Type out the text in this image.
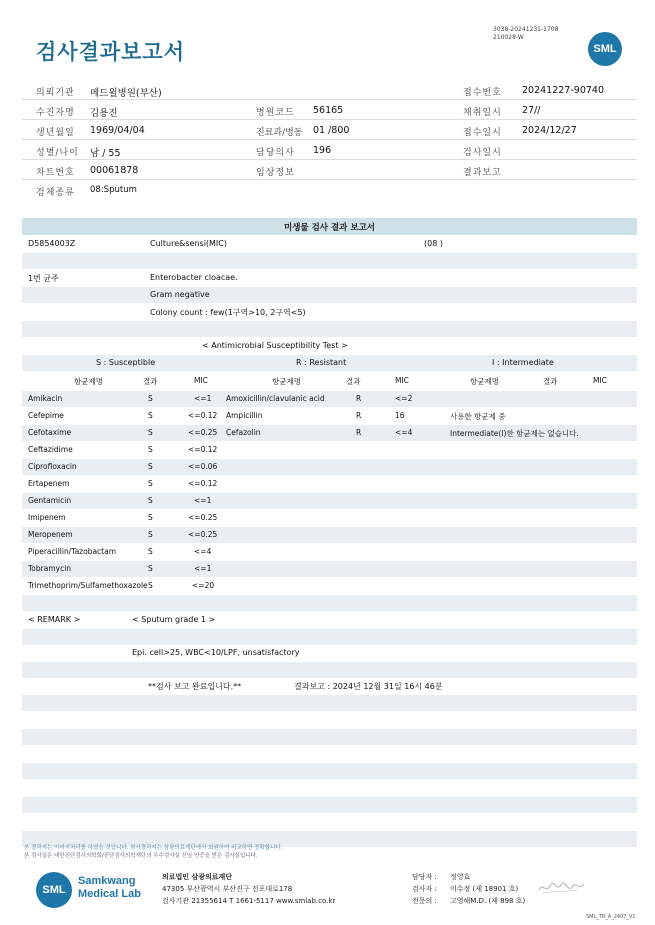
검사결과보고서
3038-20241231-1708
210028-W
SML
의뢰기관 메드윌병원(부산)	접수번호 20241227-90740
수진자명 김용진	병원코드 56165	채취일시 27//
생년월일 1969/04/04	진료과/병동 01 /800	접수일시 2024/12/27
성별/나이 남 / 55	담당의사 196	검사일시
차트번호 00061878	임상정보	결과보고
검체종류 08:Sputum
미생물 검사 결과 보고서
D5854003Z	Culture&sensi(MIC)	(08 )
1번 균주	Enterobacter cloacae.
Gram negative
Colony count : few(1구역>10, 2구역<5)
< Antimicrobial Susceptibility Test >
S : Susceptible	R : Resistant	I : Intermediate
항균제명	결과	MIC	항균제명	결과	MIC	항균제명	결과	MIC
Amikacin	S	<=1 Amoxicillin/clavulanic acid	R	<=2
Cefepime	S	<=0.12 Ampicillin	R	16	사용한 항균제 중
Cefotaxime	S	<=0.25 Cefazolin	R	<=4	Intermediate(I)한 항균제는 없습니다.
Ceftazidime	S	<=0.12
Ciprofloxacin	S	<=0.06
Ertapenem	S	<=0.12
Gentamicin	S	<=1
Imipenem	S	<=0.25
Meropenem	S	<=0.25
Piperacillin/Tazobactam	S	<=4
Tobramycin	S	<=1
Trimethoprim/Sulfamethoxazole S	<=20
< REMARK >	< Sputum grade 1 >
Epi. cell>25, WBC<10/LPF, unsatisfactory
**검사 보고 완료입니다.**	결과보고 : 2024년 12월 31일 16시 46분
본 결과지는 이미지처리를 하였을 것입니다. 참사결과지는 삼광의료재단에서 회원하여 비교하면 정확합니다.
본 검사실은 대한진단검사의학회/진단검사의학재단의 우수검사실 신임 인증을 받은 검사실입니다.
SML
Samkwang
Medical Lab
의료법인 삼광의료재단
47305 부산광역시 부산진구 전포대로178
검사기관 21355614 T 1661-5117 www.smlab.co.kr
담당자 : 정영효
검사자 : 이수정 (제 18901 호)
전문의 : 고영해M.D. (제 898 호)
SML_TR_A_2407_V1
